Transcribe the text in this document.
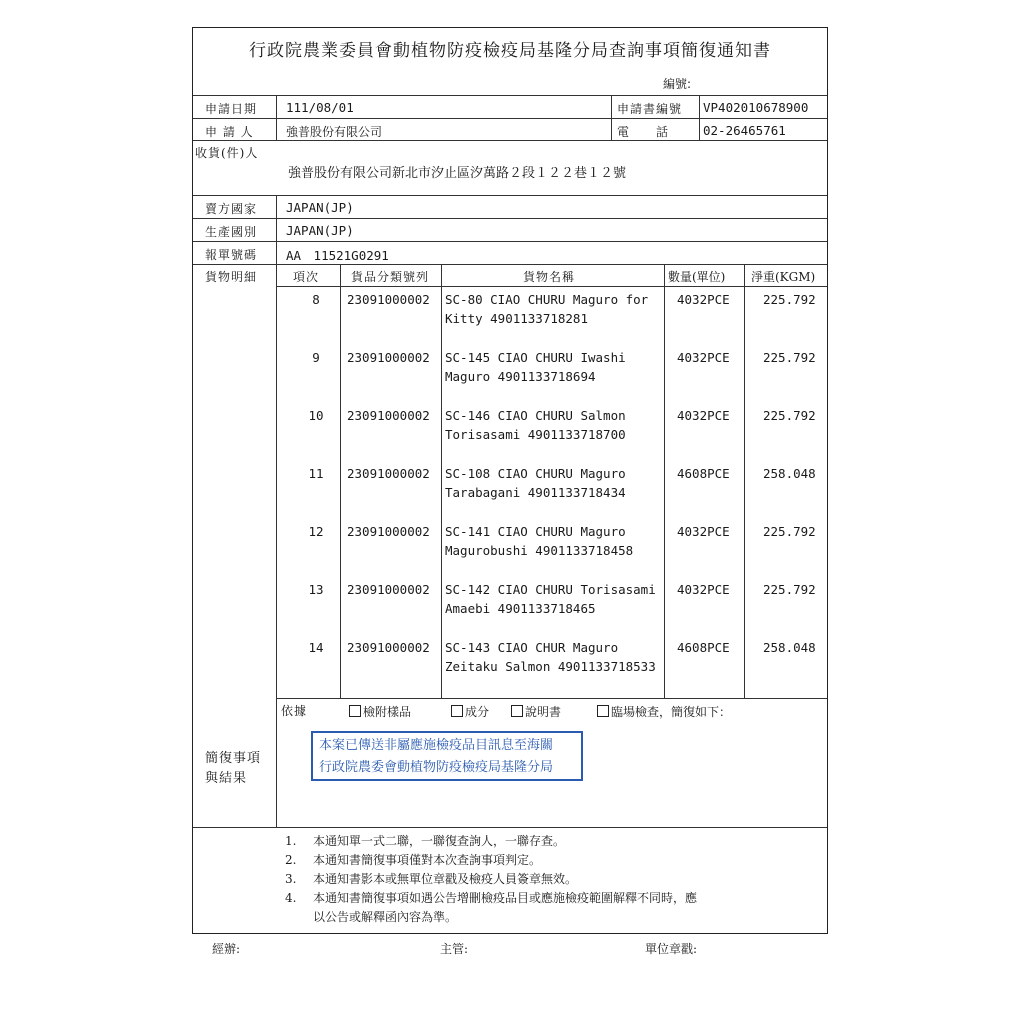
行政院農業委員會動植物防疫檢疫局基隆分局查詢事項簡復通知書
編號:
申請日期 111/08/01	申請書編號 VP402010678900
申 請 人	強普股份有限公司	電　　話	02-26465761
收貨(件)人
強普股份有限公司新北市汐止區汐萬路２段１２２巷１２號
賣方國家 JAPAN(JP)
生產國別 JAPAN(JP)
報單號碼 AA　11521G0291
貨物明細	項次	貨品分類號列	貨物名稱	數量(單位) 淨重(KGM)
8	23091000002 SC-80 CIAO CHURU Maguro for
Kitty 4901133718281
4032PCE	225.792
9	23091000002 SC-145 CIAO CHURU Iwashi
Maguro 4901133718694
4032PCE	225.792
10	23091000002 SC-146 CIAO CHURU Salmon
Torisasami 4901133718700
4032PCE	225.792
11	23091000002 SC-108 CIAO CHURU Maguro
Tarabagani 4901133718434
4608PCE	258.048
12	23091000002 SC-141 CIAO CHURU Maguro
Magurobushi 4901133718458
4032PCE	225.792
13	23091000002 SC-142 CIAO CHURU Torisasami
Amaebi 4901133718465
4032PCE	225.792
14	23091000002 SC-143 CIAO CHUR Maguro
Zeitaku Salmon 4901133718533
4608PCE	258.048
簡復事項
與結果
依據	檢附樣品	成分	說明書	臨場檢查，簡復如下：
本案已傳送非屬應施檢疫品目訊息至海關
行政院農委會動植物防疫檢疫局基隆分局
1. 本通知單一式二聯，一聯復查詢人，一聯存查。
2. 本通知書簡復事項僅對本次查詢事項判定。
3. 本通知書影本或無單位章戳及檢疫人員簽章無效。
4. 本通知書簡復事項如遇公告增刪檢疫品目或應施檢疫範圍解釋不同時，應
以公告或解釋函內容為準。
經辦:	主管:	單位章戳:
